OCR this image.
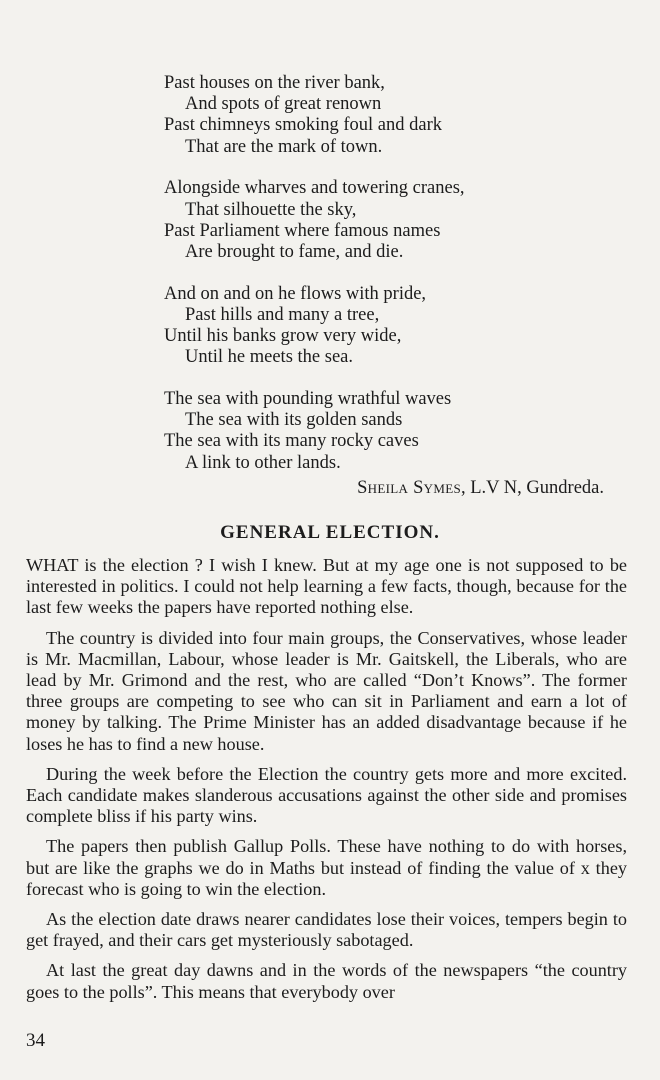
Past houses on the river bank,
And spots of great renown
Past chimneys smoking foul and dark
That are the mark of town.
Alongside wharves and towering cranes,
That silhouette the sky,
Past Parliament where famous names
Are brought to fame, and die.
And on and on he flows with pride,
Past hills and many a tree,
Until his banks grow very wide,
Until he meets the sea.
The sea with pounding wrathful waves
The sea with its golden sands
The sea with its many rocky caves
A link to other lands.
Sheila Symes, L.V N, Gundreda.
GENERAL ELECTION.

WHAT is the election ? I wish I knew. But at my age one is not supposed to be interested in politics. I could not help learning a few facts, though, because for the last few weeks the papers have reported nothing else.

The country is divided into four main groups, the Conservatives, whose leader is Mr. Macmillan, Labour, whose leader is Mr. Gaitskell, the Liberals, who are lead by Mr. Grimond and the rest, who are called “Don’t Knows”. The former three groups are competing to see who can sit in Parliament and earn a lot of money by talking. The Prime Minister has an added disadvantage because if he loses he has to find a new house.

During the week before the Election the country gets more and more excited. Each candidate makes slanderous accusations against the other side and promises complete bliss if his party wins.

The papers then publish Gallup Polls. These have nothing to do with horses, but are like the graphs we do in Maths but instead of finding the value of x they forecast who is going to win the election.

As the election date draws nearer candidates lose their voices, tempers begin to get frayed, and their cars get mysteriously sabotaged.

At last the great day dawns and in the words of the newspapers “the country goes to the polls”. This means that everybody over

34
